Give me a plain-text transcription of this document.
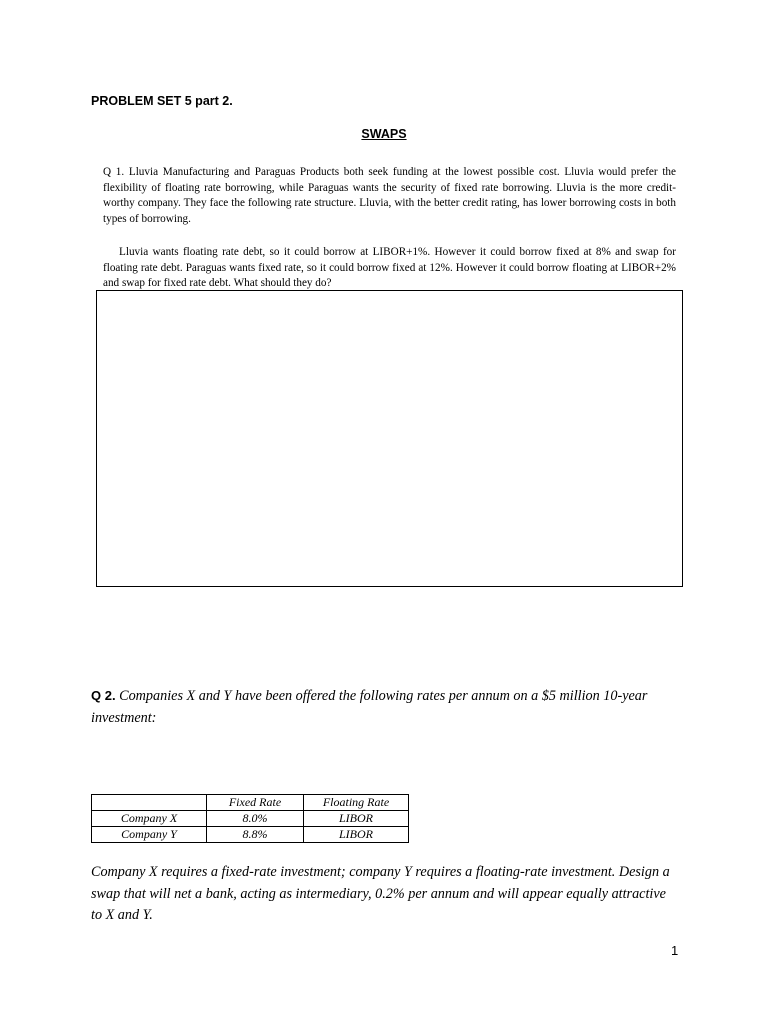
PROBLEM SET 5 part 2.
SWAPS
Q 1. Lluvia Manufacturing and Paraguas Products both seek funding at the lowest possible cost. Lluvia would prefer the flexibility of floating rate borrowing, while Paraguas wants the security of fixed rate borrowing. Lluvia is the more credit-worthy company. They face the following rate structure. Lluvia, with the better credit rating, has lower borrowing costs in both types of borrowing.
Lluvia wants floating rate debt, so it could borrow at LIBOR+1%. However it could borrow fixed at 8% and swap for floating rate debt. Paraguas wants fixed rate, so it could borrow fixed at 12%. However it could borrow floating at LIBOR+2% and swap for fixed rate debt. What should they do?
Q 2. Companies X and Y have been offered the following rates per annum on a $5 million 10-year investment:
	Fixed Rate	Floating Rate
Company X	8.0%	LIBOR
Company Y	8.8%	LIBOR
Company X requires a fixed-rate investment; company Y requires a floating-rate investment. Design a swap that will net a bank, acting as intermediary, 0.2% per annum and will appear equally attractive to X and Y.
1
